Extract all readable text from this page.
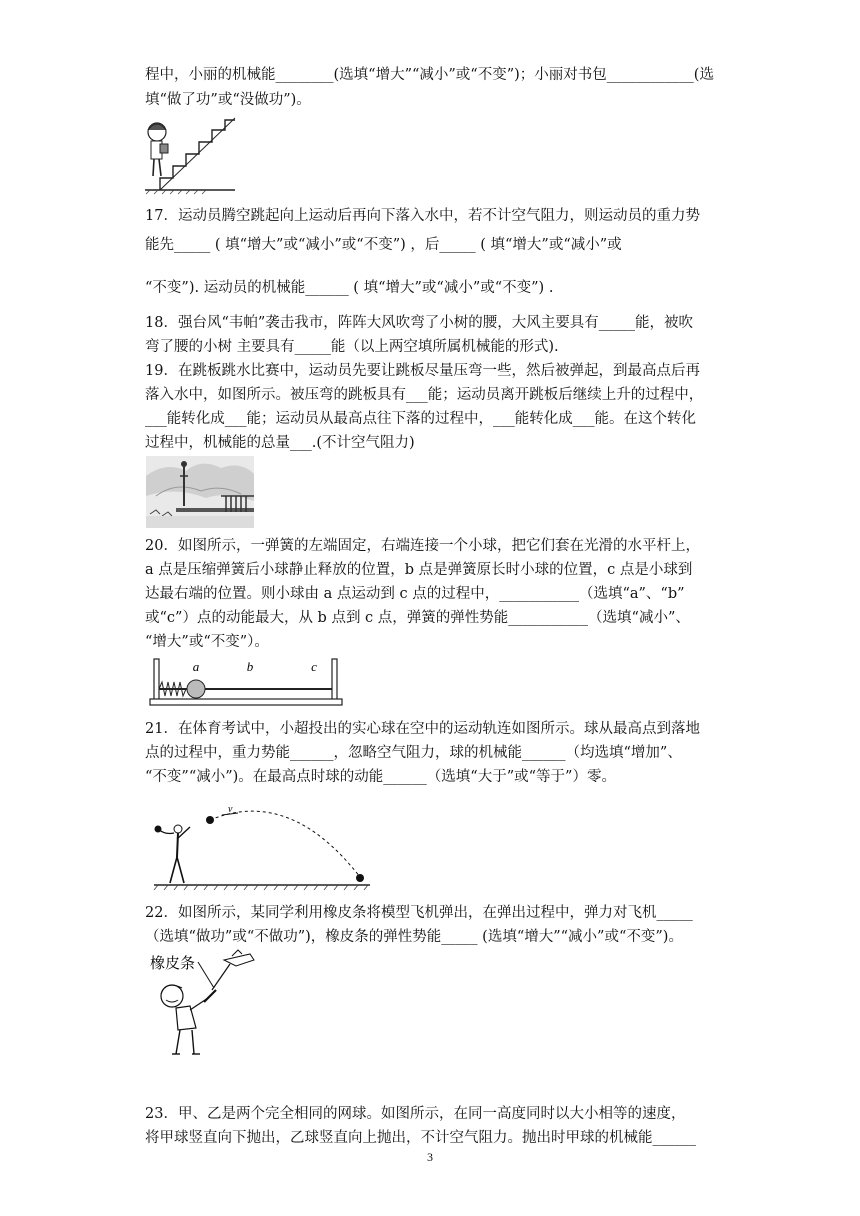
程中，小丽的机械能________(选填“增大”“减小”或“不变”)；小丽对书包____________(选
填“做了功”或“没做功”)。
17．运动员腾空跳起向上运动后再向下落入水中，若不计空气阻力，则运动员的重力势
能先_____ ( 填“增大”或“减小”或“不变”) ，后_____ ( 填“增大”或“减小”或
“不变”). 运动员的机械能______ ( 填“增大”或“减小”或“不变”) .
18．强台风“韦帕”袭击我市，阵阵大风吹弯了小树的腰，大风主要具有_____能，被吹
弯了腰的小树 主要具有_____能（以上两空填所属机械能的形式).
19．在跳板跳水比赛中，运动员先要让跳板尽量压弯一些，然后被弹起，到最高点后再
落入水中，如图所示。被压弯的跳板具有___能；运动员离开跳板后继续上升的过程中，
___能转化成___能；运动员从最高点往下落的过程中，___能转化成___能。在这个转化
过程中，机械能的总量___.(不计空气阻力)
20．如图所示，一弹簧的左端固定，右端连接一个小球，把它们套在光滑的水平杆上，
a 点是压缩弹簧后小球静止释放的位置，b 点是弹簧原长时小球的位置，c 点是小球到
达最右端的位置。则小球由 a 点运动到 c 点的过程中，___________（选填“a”、“b”
或“c”）点的动能最大，从 b 点到 c 点，弹簧的弹性势能___________（选填“减小”、
“增大”或“不变”）。
a	b	c
21．在体育考试中，小超投出的实心球在空中的运动轨连如图所示。球从最高点到落地
点的过程中，重力势能______，忽略空气阻力，球的机械能______（均选填“增加”、
“不变”“减小”)。在最高点时球的动能______（选填“大于”或“等于”）零。
v
22．如图所示，某同学利用橡皮条将模型飞机弹出，在弹出过程中，弹力对飞机_____
（选填“做功”或“不做功”)，橡皮条的弹性势能_____ (选填“增大”“减小”或“不变”)。
橡皮条
23．甲、乙是两个完全相同的网球。如图所示，在同一高度同时以大小相等的速度，
将甲球竖直向下抛出，乙球竖直向上抛出，不计空气阻力。抛出时甲球的机械能______
3
